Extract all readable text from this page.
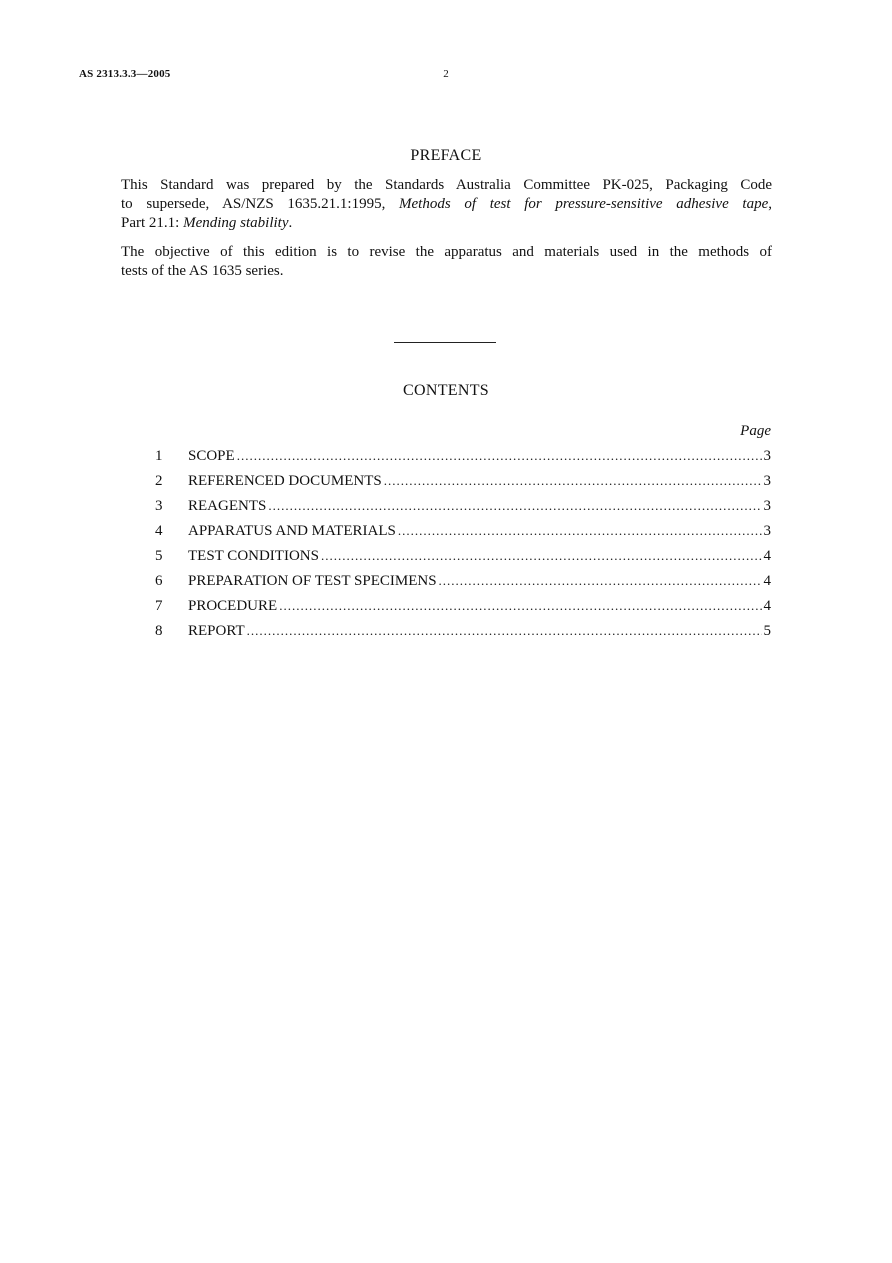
AS 2313.3.3—2005	2
PREFACE
This Standard was prepared by the Standards Australia Committee PK-025, Packaging Code
to supersede, AS/NZS 1635.21.1:1995, Methods of test for pressure-sensitive adhesive tape,
Part 21.1: Mending stability.
The objective of this edition is to revise the apparatus and materials used in the methods of
tests of the AS 1635 series.
CONTENTS
Page
1	SCOPE .....	3
2	REFERENCED DOCUMENTS .....	3
3	REAGENTS .....	3
4	APPARATUS AND MATERIALS .....	3
5	TEST CONDITIONS .....	4
6	PREPARATION OF TEST SPECIMENS .....	4
7	PROCEDURE .....	4
8	REPORT .....	5
